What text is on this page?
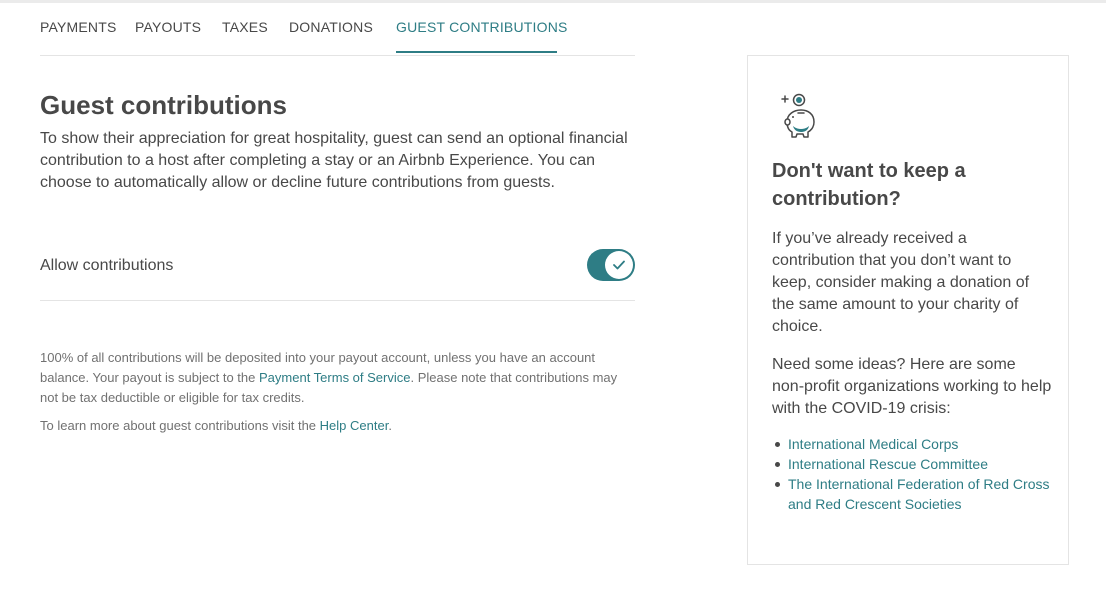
PAYMENTS PAYOUTS TAXES DONATIONS GUEST CONTRIBUTIONS
Guest contributions

To show their appreciation for great hospitality, guest can send an optional financial contribution to a host after completing a stay or an Airbnb Experience. You can choose to automatically allow or decline future contributions from guests.

Allow contributions

100% of all contributions will be deposited into your payout account, unless you have an account balance. Your payout is subject to the Payment Terms of Service. Please note that contributions may not be tax deductible or eligible for tax credits.

To learn more about guest contributions visit the Help Center.

Don't want to keep a contribution?

If you’ve already received a contribution that you don’t want to keep, consider making a donation of the same amount to your charity of choice.

Need some ideas? Here are some non-profit organizations working to help with the COVID-19 crisis:

International Medical Corps
International Rescue Committee
The International Federation of Red Cross and Red Crescent Societies
